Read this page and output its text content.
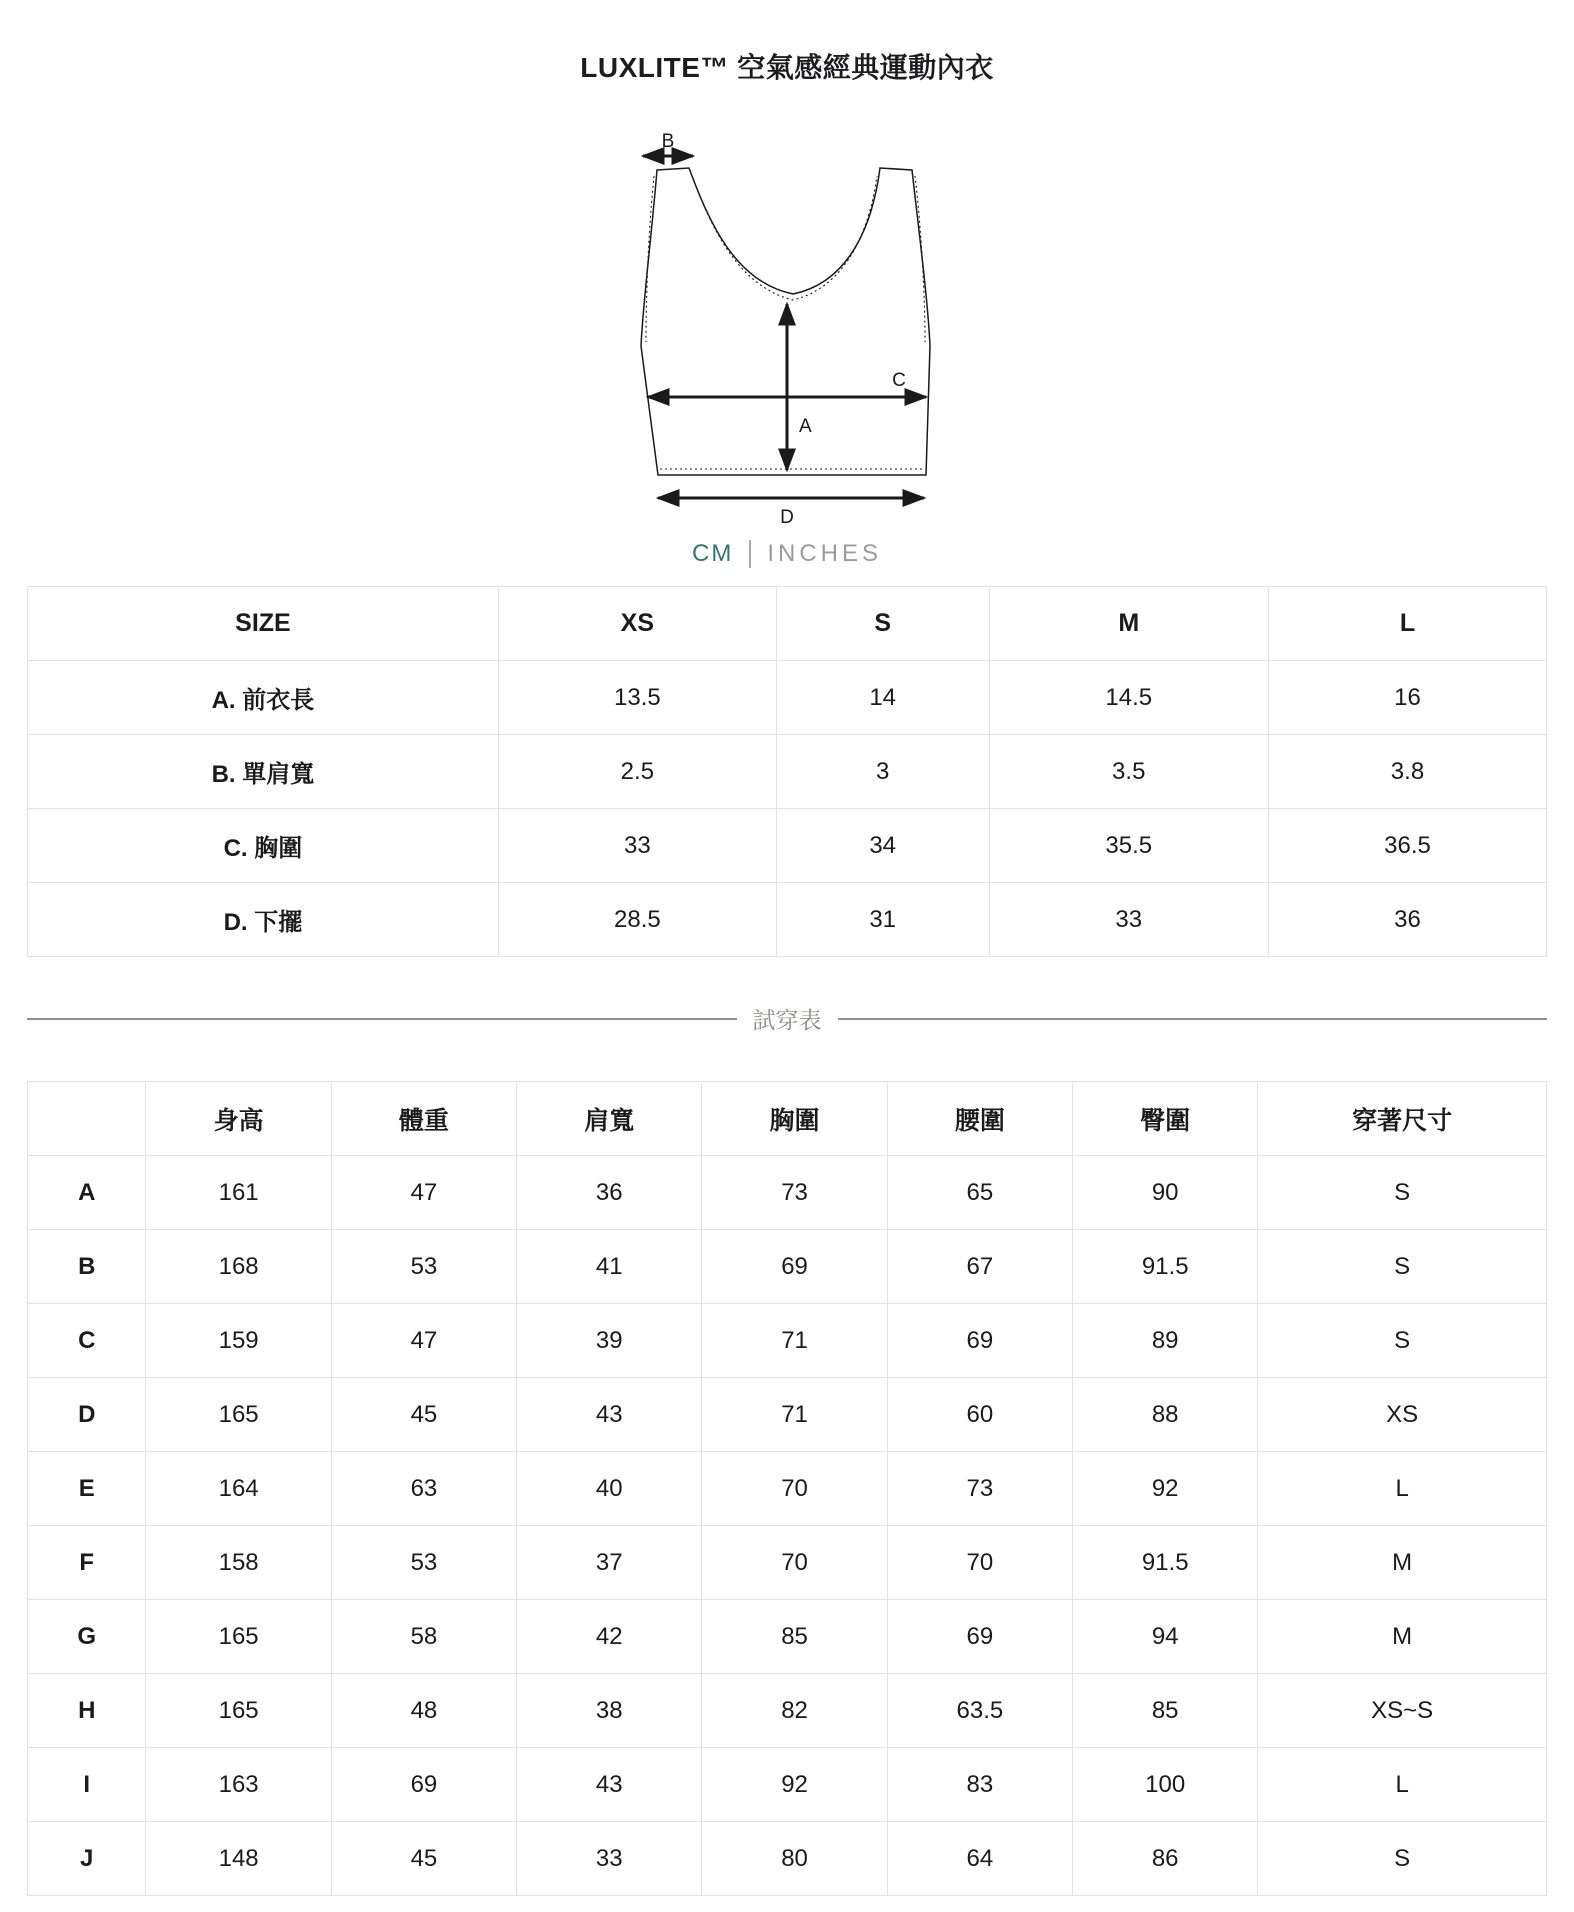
LUXLITE™ 空氣感經典運動內衣
B
A
C
D
CM INCHES
SIZE	XS	S	M	L
A. 前衣長	13.5	14	14.5	16
B. 單肩寬	2.5	3	3.5	3.8
C. 胸圍	33	34	35.5	36.5
D. 下擺	28.5	31	33	36
試穿表
	身高	體重	肩寬	胸圍	腰圍	臀圍	穿著尺寸
A	161	47	36	73	65	90	S
B	168	53	41	69	67	91.5	S
C	159	47	39	71	69	89	S
D	165	45	43	71	60	88	XS
E	164	63	40	70	73	92	L
F	158	53	37	70	70	91.5	M
G	165	58	42	85	69	94	M
H	165	48	38	82	63.5	85	XS~S
I	163	69	43	92	83	100	L
J	148	45	33	80	64	86	S
